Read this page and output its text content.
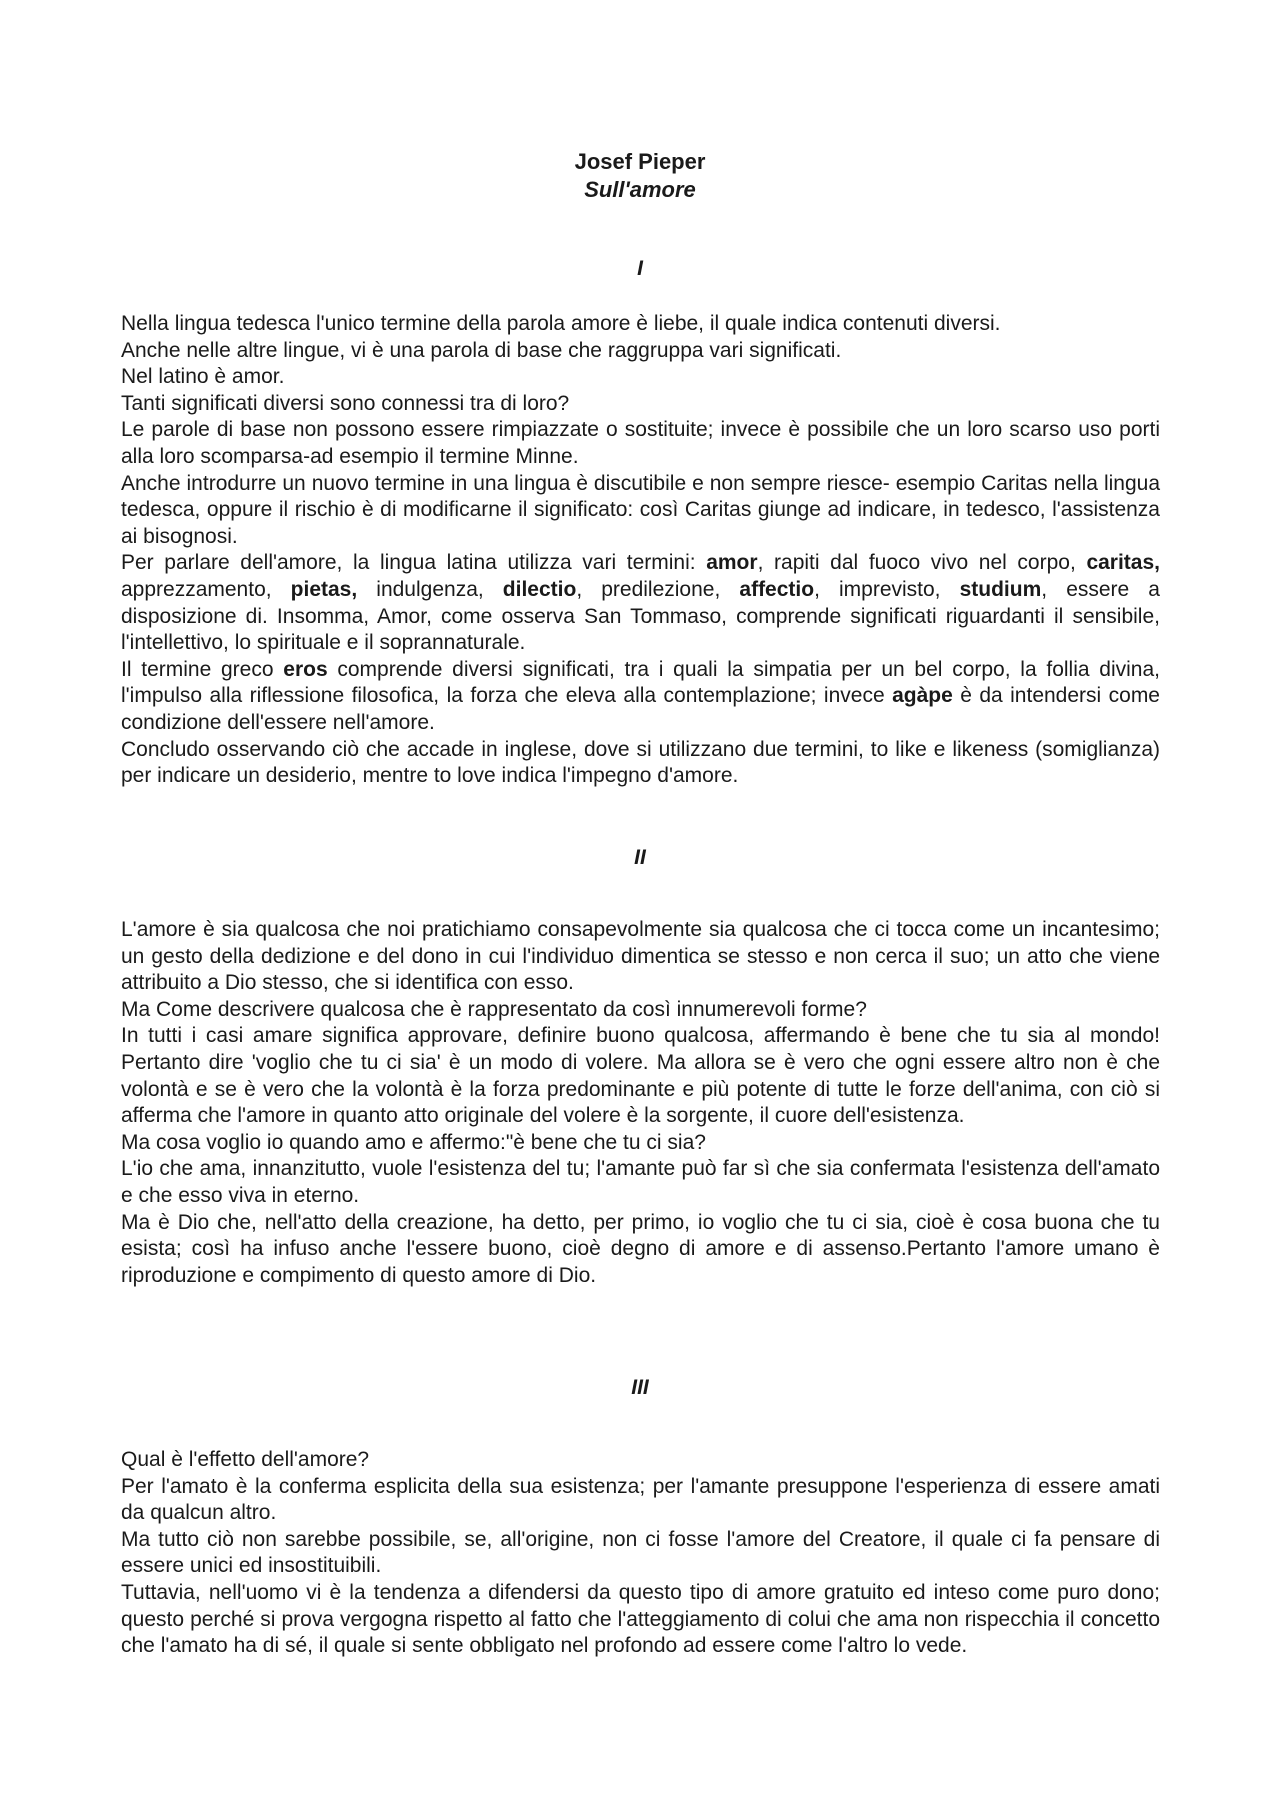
Josef Pieper
Sull'amore
I

Nella lingua tedesca l'unico termine della parola amore è liebe, il quale indica contenuti diversi.

Anche nelle altre lingue, vi è una parola di base che raggruppa vari significati.

Nel latino è amor.

Tanti significati diversi sono connessi tra di loro?

Le parole di base non possono essere rimpiazzate o sostituite; invece è possibile che un loro scarso uso porti alla loro scomparsa-ad esempio il termine Minne.

Anche introdurre un nuovo termine in una lingua è discutibile e non sempre riesce- esempio Caritas nella lingua tedesca, oppure il rischio è di modificarne il significato: così Caritas giunge ad indicare, in tedesco, l'assistenza ai bisognosi.

Per parlare dell'amore, la lingua latina utilizza vari termini: amor, rapiti dal fuoco vivo nel corpo, caritas, apprezzamento, pietas, indulgenza, dilectio, predilezione, affectio, imprevisto, studium, essere a disposizione di. Insomma, Amor, come osserva San Tommaso, comprende significati riguardanti il sensibile, l'intellettivo, lo spirituale e il soprannaturale.

Il termine greco eros comprende diversi significati, tra i quali la simpatia per un bel corpo, la follia divina, l'impulso alla riflessione filosofica, la forza che eleva alla contemplazione; invece agàpe è da intendersi come condizione dell'essere nell'amore.

Concludo osservando ciò che accade in inglese, dove si utilizzano due termini, to like e likeness (somiglianza) per indicare un desiderio, mentre to love indica l'impegno d'amore.

II

L'amore è sia qualcosa che noi pratichiamo consapevolmente sia qualcosa che ci tocca come un incantesimo; un gesto della dedizione e del dono in cui l'individuo dimentica se stesso e non cerca il suo; un atto che viene attribuito a Dio stesso, che si identifica con esso.

Ma Come descrivere qualcosa che è rappresentato da così innumerevoli forme?

In tutti i casi amare significa approvare, definire buono qualcosa, affermando è bene che tu sia al mondo! Pertanto dire 'voglio che tu ci sia' è un modo di volere. Ma allora se è vero che ogni essere altro non è che volontà e se è vero che la volontà è la forza predominante e più potente di tutte le forze dell'anima, con ciò si afferma che l'amore in quanto atto originale del volere è la sorgente, il cuore dell'esistenza.

Ma cosa voglio io quando amo e affermo:"è bene che tu ci sia?

L'io che ama, innanzitutto, vuole l'esistenza del tu; l'amante può far sì che sia confermata l'esistenza dell'amato e che esso viva in eterno.

Ma è Dio che, nell'atto della creazione, ha detto, per primo, io voglio che tu ci sia, cioè è cosa buona che tu esista; così ha infuso anche l'essere buono, cioè degno di amore e di assenso.Pertanto l'amore umano è riproduzione e compimento di questo amore di Dio.

III

Qual è l'effetto dell'amore?

Per l'amato è la conferma esplicita della sua esistenza; per l'amante presuppone l'esperienza di essere amati da qualcun altro.

Ma tutto ciò non sarebbe possibile, se, all'origine, non ci fosse l'amore del Creatore, il quale ci fa pensare di essere unici ed insostituibili.

Tuttavia, nell'uomo vi è la tendenza a difendersi da questo tipo di amore gratuito ed inteso come puro dono; questo perché si prova vergogna rispetto al fatto che l'atteggiamento di colui che ama non rispecchia il concetto che l'amato ha di sé, il quale si sente obbligato nel profondo ad essere come l'altro lo vede.
